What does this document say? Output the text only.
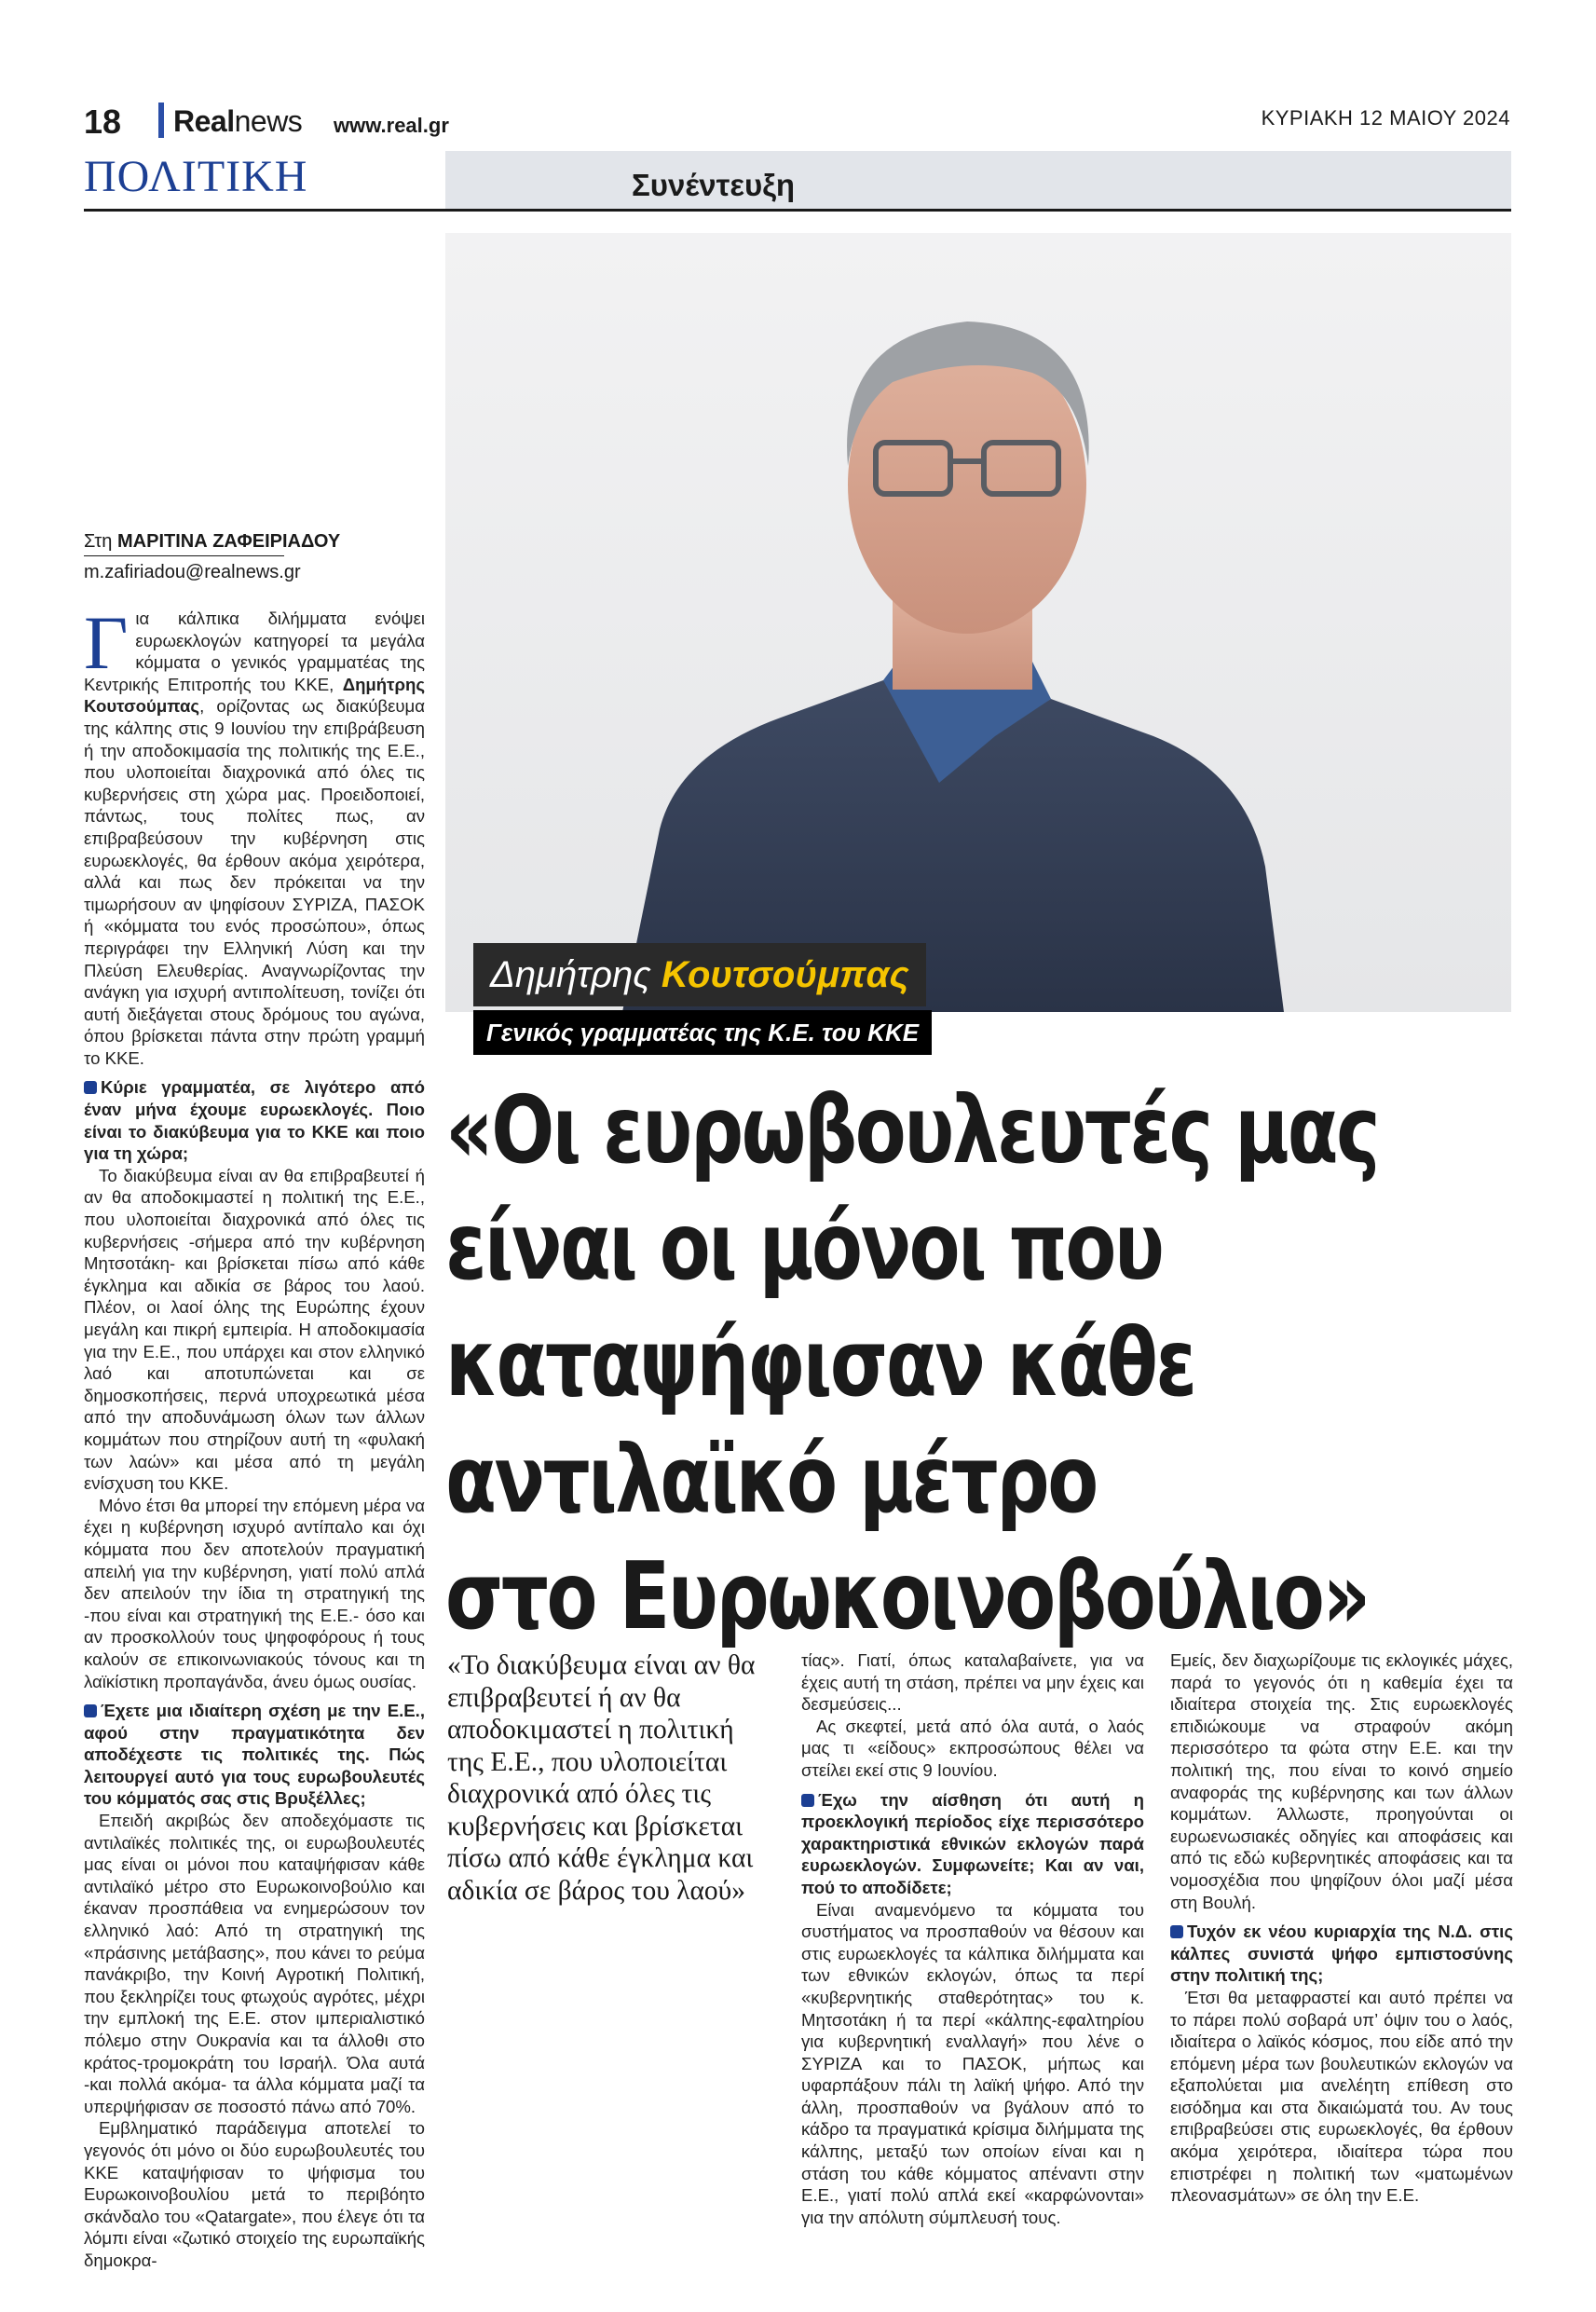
18 Realnews www.real.gr	ΚΥΡΙΑΚΗ 12 ΜΑΙΟΥ 2024
ΠΟΛΙΤΙΚΗ	Συνέντευξη
Δημήτρης Κουτσούμπας
Γενικός γραμματέας της Κ.Ε. του ΚΚΕ
Στη ΜΑΡΙΤΙΝΑ ΖΑΦΕΙΡΙΑΔΟΥ
m.zafiriadou@realnews.gr

Για κάλπικα διλήμματα ενόψει ευρωεκλογών κατηγορεί τα μεγάλα κόμματα ο γενικός γραμματέας της Κεντρικής Επιτροπής του ΚΚΕ, Δημήτρης Κουτσούμπας, ορίζοντας ως διακύβευμα της κάλπης στις 9 Ιουνίου την επιβράβευση ή την αποδοκιμασία της πολιτικής της Ε.Ε., που υλοποιείται διαχρονικά από όλες τις κυβερνήσεις στη χώρα μας. Προειδοποιεί, πάντως, τους πολίτες πως, αν επιβραβεύσουν την κυβέρνηση στις ευρωεκλογές, θα έρθουν ακόμα χειρότερα, αλλά και πως δεν πρόκειται να την τιμωρήσουν αν ψηφίσουν ΣΥΡΙΖΑ, ΠΑΣΟΚ ή «κόμματα του ενός προσώπου», όπως περιγράφει την Ελληνική Λύση και την Πλεύση Ελευθερίας. Αναγνωρίζοντας την ανάγκη για ισχυρή αντιπολίτευση, τονίζει ότι αυτή διεξάγεται στους δρόμους του αγώνα, όπου βρίσκεται πάντα στην πρώτη γραμμή το ΚΚΕ.

Κύριε γραμματέα, σε λιγότερο από έναν μήνα έχουμε ευρωεκλογές. Ποιο είναι το διακύβευμα για το ΚΚΕ και ποιο για τη χώρα;

Το διακύβευμα είναι αν θα επιβραβευτεί ή αν θα αποδοκιμαστεί η πολιτική της Ε.Ε., που υλοποιείται διαχρονικά από όλες τις κυβερνήσεις -σήμερα από την κυβέρνηση Μητσοτάκη- και βρίσκεται πίσω από κάθε έγκλημα και αδικία σε βάρος του λαού. Πλέον, οι λαοί όλης της Ευρώπης έχουν μεγάλη και πικρή εμπειρία. Η αποδοκιμασία για την Ε.Ε., που υπάρχει και στον ελληνικό λαό και αποτυπώνεται και σε δημοσκοπήσεις, περνά υποχρεωτικά μέσα από την αποδυνάμωση όλων των άλλων κομμάτων που στηρίζουν αυτή τη «φυλακή των λαών» και μέσα από τη μεγάλη ενίσχυση του ΚΚΕ.

Μόνο έτσι θα μπορεί την επόμενη μέρα να έχει η κυβέρνηση ισχυρό αντίπαλο και όχι κόμματα που δεν αποτελούν πραγματική απειλή για την κυβέρνηση, γιατί πολύ απλά δεν απειλούν την ίδια τη στρατηγική της -που είναι και στρατηγική της Ε.Ε.- όσο και αν προσκολλούν τους ψηφοφόρους ή τους καλούν σε επικοινωνιακούς τόνους και τη λαϊκίστικη προπαγάνδα, άνευ όμως ουσίας.

Έχετε μια ιδιαίτερη σχέση με την Ε.Ε., αφού στην πραγματικότητα δεν αποδέχεστε τις πολιτικές της. Πώς λειτουργεί αυτό για τους ευρωβουλευτές του κόμματός σας στις Βρυξέλλες;

Επειδή ακριβώς δεν αποδεχόμαστε τις αντιλαϊκές πολιτικές της, οι ευρωβουλευτές μας είναι οι μόνοι που καταψήφισαν κάθε αντιλαϊκό μέτρο στο Ευρωκοινοβούλιο και έκαναν προσπάθεια να ενημερώσουν τον ελληνικό λαό: Από τη στρατηγική της «πράσινης μετάβασης», που κάνει το ρεύμα πανάκριβο, την Κοινή Αγροτική Πολιτική, που ξεκληρίζει τους φτωχούς αγρότες, μέχρι την εμπλοκή της Ε.Ε. στον ιμπεριαλιστικό πόλεμο στην Ουκρανία και τα άλλοθι στο κράτος-τρομοκράτη του Ισραήλ. Όλα αυτά -και πολλά ακόμα- τα άλλα κόμματα μαζί τα υπερψήφισαν σε ποσοστό πάνω από 70%.

Εμβληματικό παράδειγμα αποτελεί το γεγονός ότι μόνο οι δύο ευρωβουλευτές του ΚΚΕ καταψήφισαν το ψήφισμα του Ευρωκοινοβουλίου μετά το περιβόητο σκάνδαλο του «Qatargate», που έλεγε ότι τα λόμπι είναι «ζωτικό στοιχείο της ευρωπαϊκής δημοκρα-

«Οι ευρωβουλευτές μας
είναι οι μόνοι που
καταψήφισαν κάθε
αντιλαϊκό μέτρο
στο Ευρωκοινοβούλιο»
«Το διακύβευμα είναι αν θα επιβραβευτεί ή αν θα αποδοκιμαστεί η πολιτική της Ε.Ε., που υλοποιείται διαχρονικά από όλες τις κυβερνήσεις και βρίσκεται πίσω από κάθε έγκλημα και αδικία σε βάρος του λαού»

τίας». Γιατί, όπως καταλαβαίνετε, για να έχεις αυτή τη στάση, πρέπει να μην έχεις και δεσμεύσεις...

Ας σκεφτεί, μετά από όλα αυτά, ο λαός μας τι «είδους» εκπροσώπους θέλει να στείλει εκεί στις 9 Ιουνίου.

Έχω την αίσθηση ότι αυτή η προεκλογική περίοδος είχε περισσότερο χαρακτηριστικά εθνικών εκλογών παρά ευρωεκλογών. Συμφωνείτε; Και αν ναι, πού το αποδίδετε;

Είναι αναμενόμενο τα κόμματα του συστήματος να προσπαθούν να θέσουν και στις ευρωεκλογές τα κάλπικα διλήμματα και των εθνικών εκλογών, όπως τα περί «κυβερνητικής σταθερότητας» του κ. Μητσοτάκη ή τα περί «κάλπης-εφαλτηρίου για κυβερνητική εναλλαγή» που λένε ο ΣΥΡΙΖΑ και το ΠΑΣΟΚ, μήπως και υφαρπάξουν πάλι τη λαϊκή ψήφο. Από την άλλη, προσπαθούν να βγάλουν από το κάδρο τα πραγματικά κρίσιμα διλήμματα της κάλπης, μεταξύ των οποίων είναι και η στάση του κάθε κόμματος απέναντι στην Ε.Ε., γιατί πολύ απλά εκεί «καρφώνονται» για την απόλυτη σύμπλευσή τους.

Εμείς, δεν διαχωρίζουμε τις εκλογικές μάχες, παρά το γεγονός ότι η καθεμία έχει τα ιδιαίτερα στοιχεία της. Στις ευρωεκλογές επιδιώκουμε να στραφούν ακόμη περισσότερο τα φώτα στην Ε.Ε. και την πολιτική της, που είναι το κοινό σημείο αναφοράς της κυβέρνησης και των άλλων κομμάτων. Άλλωστε, προηγούνται οι ευρωενωσιακές οδηγίες και αποφάσεις και από τις εδώ κυβερνητικές αποφάσεις και τα νομοσχέδια που ψηφίζουν όλοι μαζί μέσα στη Βουλή.

Τυχόν εκ νέου κυριαρχία της Ν.Δ. στις κάλπες συνιστά ψήφο εμπιστοσύνης στην πολιτική της;

Έτσι θα μεταφραστεί και αυτό πρέπει να το πάρει πολύ σοβαρά υπ’ όψιν του ο λαός, ιδιαίτερα ο λαϊκός κόσμος, που είδε από την επόμενη μέρα των βουλευτικών εκλογών να εξαπολύεται μια ανελέητη επίθεση στο εισόδημα και στα δικαιώματά του. Αν τους επιβραβεύσει στις ευρωεκλογές, θα έρθουν ακόμα χειρότερα, ιδιαίτερα τώρα που επιστρέφει η πολιτική των «ματωμένων πλεονασμάτων» σε όλη την Ε.Ε.
